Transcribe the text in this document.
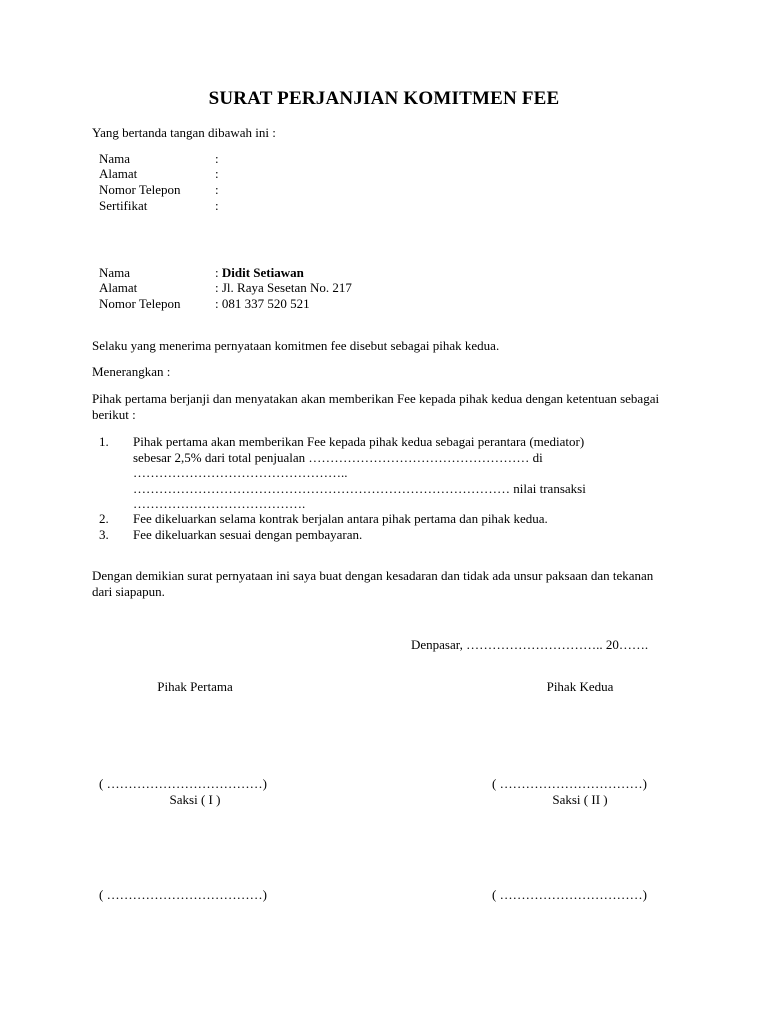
SURAT PERJANJIAN KOMITMEN FEE
Yang bertanda tangan dibawah ini :
Nama	:
Alamat	:
Nomor Telepon	:
Sertifikat	:
Nama	: Didit Setiawan
Alamat	: Jl. Raya Sesetan No. 217
Nomor Telepon	: 081 337 520 521
Selaku yang menerima pernyataan komitmen fee disebut sebagai pihak kedua.
Menerangkan :
Pihak pertama berjanji dan menyatakan akan memberikan Fee kepada pihak kedua dengan ketentuan sebagai berikut :
1. Pihak pertama akan memberikan Fee kepada pihak kedua sebagai perantara (mediator)
sebesar 2,5% dari total penjualan …………………………………………… di
…………………………………………..
…………………………………………………………………………… nilai transaksi
………………………………….
2. Fee dikeluarkan selama kontrak berjalan antara pihak pertama dan pihak kedua.
3. Fee dikeluarkan sesuai dengan pembayaran.
Dengan demikian surat pernyataan ini saya buat dengan kesadaran dan tidak ada unsur paksaan dan tekanan dari siapapun.
Denpasar, ………………………….. 20…….
Pihak Pertama	Pihak Kedua
( ………………………………)	( ……………………………)
Saksi ( I )	Saksi ( II )
( ………………………………)	( ……………………………)
